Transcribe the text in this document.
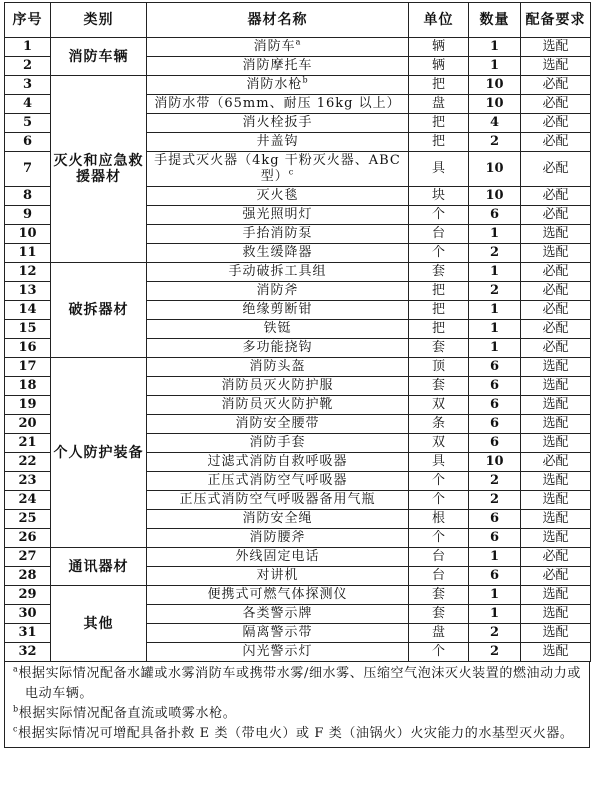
序号	类别	器材名称	单位	数量	配备要求
1	消防车辆	消防车$^a$	辆	1	选配
2		消防摩托车	辆	1	选配
3	灭火和应急救援器材	消防水枪$^b$	把	10	必配
4		消防水带（65mm、耐压 16kg 以上）	盘	10	必配
5		消火栓扳手	把	4	必配
6		井盖钩	把	2	必配
7		手提式灭火器（4kg 干粉灭火器、ABC 型）$^c$	具	10	必配
8		灭火毯	块	10	必配
9		强光照明灯	个	6	必配
10		手抬消防泵	台	1	选配
11		救生缓降器	个	2	选配
12	破拆器材	手动破拆工具组	套	1	必配
13		消防斧	把	2	必配
14		绝缘剪断钳	把	1	必配
15		铁铤	把	1	必配
16		多功能挠钩	套	1	必配
17	个人防护装备	消防头盔	顶	6	选配
18		消防员灭火防护服	套	6	选配
19		消防员灭火防护靴	双	6	选配
20		消防安全腰带	条	6	选配
21		消防手套	双	6	选配
22		过滤式消防自救呼吸器	具	10	必配
23		正压式消防空气呼吸器	个	2	选配
24		正压式消防空气呼吸器备用气瓶	个	2	选配
25		消防安全绳	根	6	选配
26		消防腰斧	个	6	选配
27	通讯器材	外线固定电话	台	1	必配
28		对讲机	台	6	必配
29	其他	便携式可燃气体探测仪	套	1	选配
30		各类警示牌	套	1	选配
31		隔离警示带	盘	2	选配
32		闪光警示灯	个	2	选配

$^a$根据实际情况配备水罐或水雾消防车或携带水雾/细水雾、压缩空气泡沫灭火装置的燃油动力或

电动车辆。

$^b$根据实际情况配备直流或喷雾水枪。

$^c$根据实际情况可增配具备扑救 E 类（带电火）或 F 类（油锅火）火灾能力的水基型灭火器。
